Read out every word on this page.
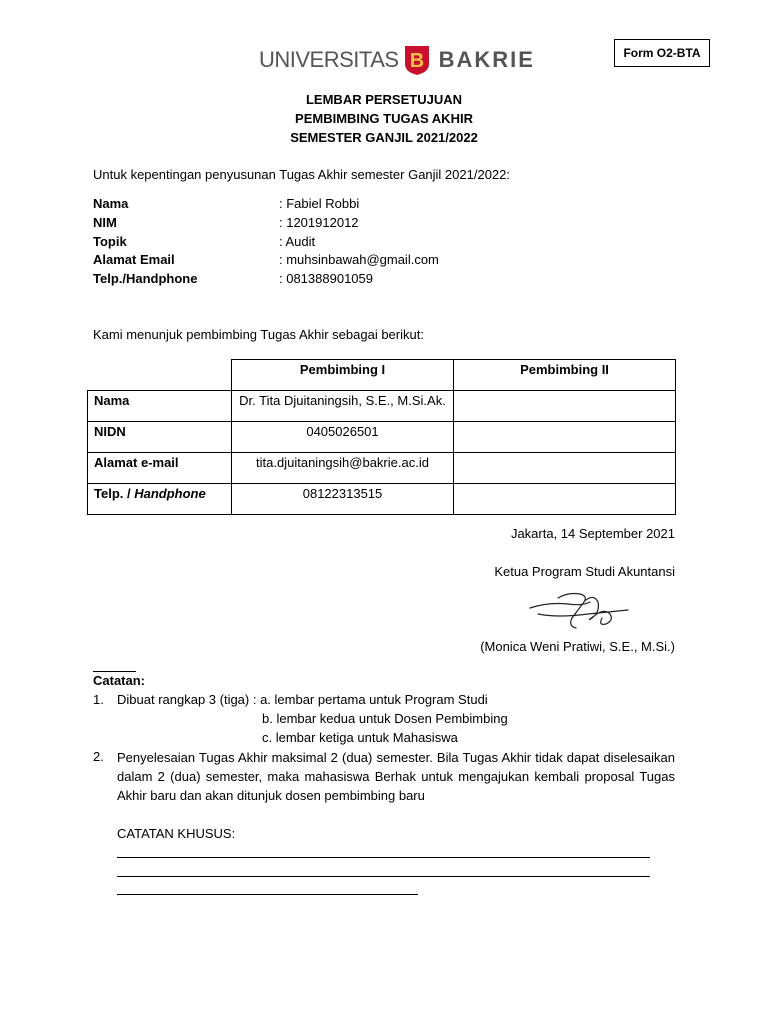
UNIVERSITAS B BAKRIE	Form O2-BTA
LEMBAR PERSETUJUAN
PEMBIMBING TUGAS AKHIR
SEMESTER GANJIL 2021/2022
Untuk kepentingan penyusunan Tugas Akhir semester Ganjil 2021/2022:
Nama	: Fabiel Robbi
NIM	: 1201912012
Topik	: Audit
Alamat Email	: muhsinbawah@gmail.com
Telp./Handphone	: 081388901059
Kami menunjuk pembimbing Tugas Akhir sebagai berikut:
	Pembimbing I	Pembimbing II
Nama	Dr. Tita Djuitaningsih, S.E., M.Si.Ak.	
NIDN	0405026501	
Alamat e-mail	tita.djuitaningsih@bakrie.ac.id	
Telp. / Handphone	08122313515	
Jakarta, 14 September 2021
Ketua Program Studi Akuntansi
(Monica Weni Pratiwi, S.E., M.Si.)
Catatan:
1. Dibuat rangkap 3 (tiga) : a. lembar pertama untuk Program Studi
b. lembar kedua untuk Dosen Pembimbing
c. lembar ketiga untuk Mahasiswa
2. Penyelesaian Tugas Akhir maksimal 2 (dua) semester. Bila Tugas Akhir tidak dapat diselesaikan dalam 2 (dua) semester, maka mahasiswa Berhak untuk mengajukan kembali proposal Tugas Akhir baru dan akan ditunjuk dosen pembimbing baru
CATATAN KHUSUS:
